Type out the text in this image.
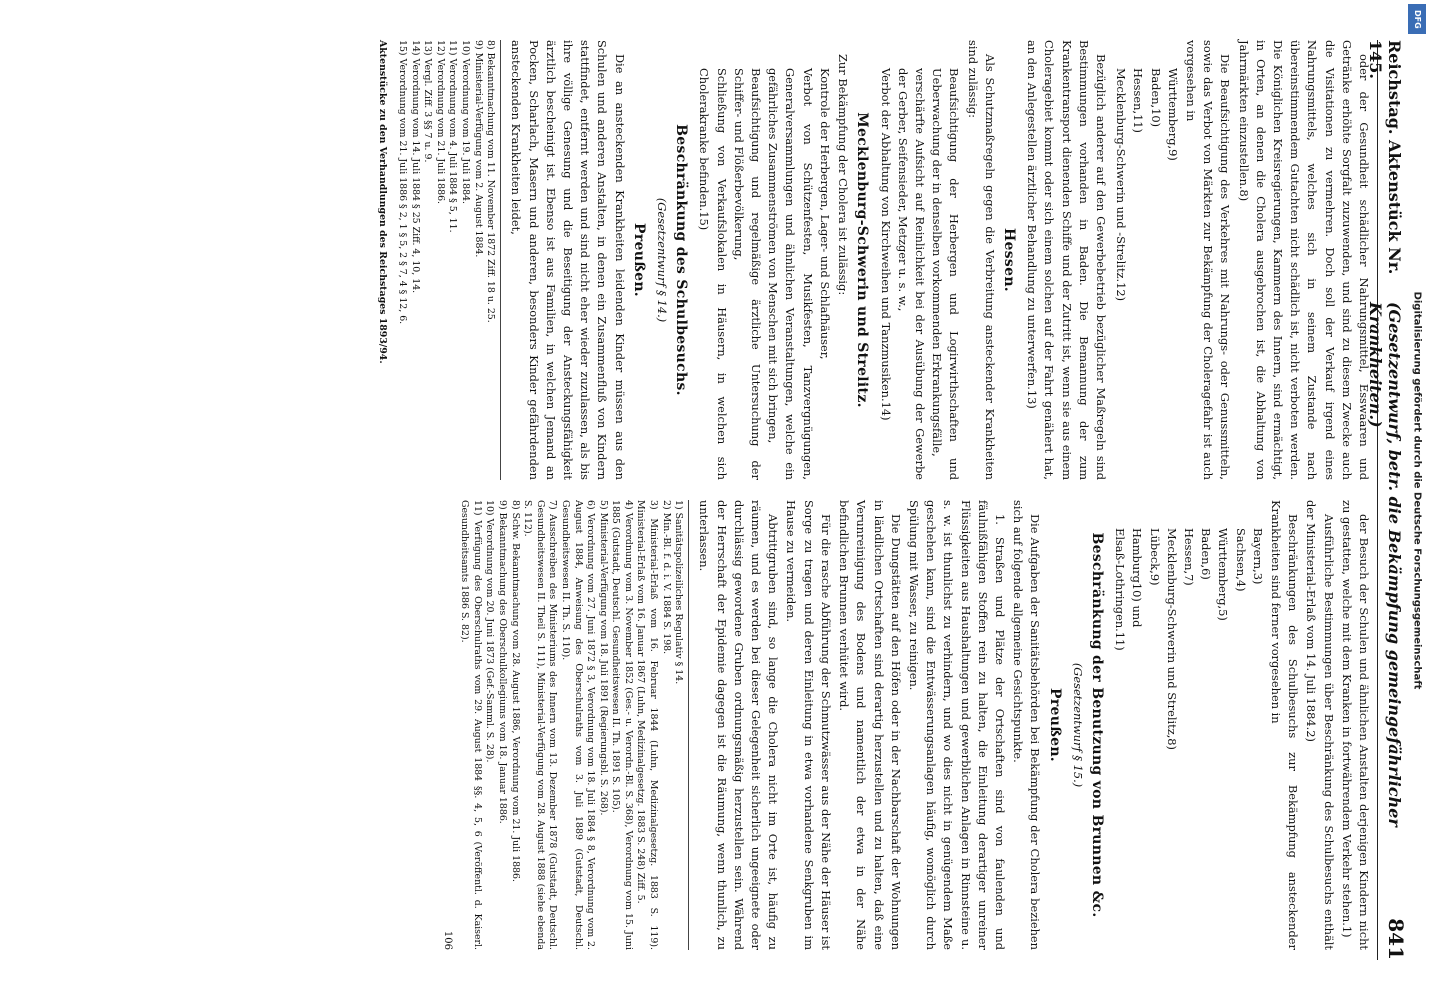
Reichstag. Aktenstück Nr. 145.
(Gesetzentwurf, betr. die Bekämpfung gemeingefährlicher Krankheiten.)
841

oder der Gesundheit schädlicher Nahrungsmittel, Esswaaren und Getränke erhöhte Sorgfalt zuzuwenden, und sind zu diesem Zwecke auch die Visitationen zu vermehren. Doch soll der Verkauf irgend eines Nahrungsmittels, welches sich in seinem Zustande nach übereinstimmendem Gutachten nicht schädlich ist, nicht verboten werden. Die Königlichen Kreisregierungen, Kammern des Innern, sind ermächtigt, in Orten, an denen die Cholera ausgebrochen ist, die Abhaltung von Jahrmärkten einzustellen.8)

Die Beaufsichtigung des Verkehres mit Nahrungs- oder Genussmitteln, sowie das Verbot von Märkten zur Bekämpfung der Choleragefahr ist auch vorgesehen in

Württemberg,9)
Baden,10)
Hessen,11)
Mecklenburg-Schwerin und -Strelitz.12)

Bezüglich anderer auf den Gewerbebetrieb bezüglicher Maßregeln sind Bestimmungen vorhanden in Baden. Die Bemannung der zum Krankentransport dienenden Schiffe und der Zutritt ist, wenn sie aus einem Choleragebiet kommt oder sich einem solchen auf der Fahrt genähert hat, an den Anlegestellen ärztlicher Behandlung zu unterwerfen.13)

Hessen.

Als Schutzmaßregeln gegen die Verbreitung ansteckender Krankheiten sind zulässig:

Beaufsichtigung der Herbergen und Logirwirthschaften und Ueberwachung der in denselben vorkommenden Erkrankungsfälle,
verschärfte Aufsicht auf Reinlichkeit bei der Ausübung der Gewerbe der Gerber, Seifensieder, Metzger u. s. w.,
Verbot der Abhaltung von Kirchweihen und Tanzmusiken.14)
Mecklenburg-Schwerin und Strelitz.

Zur Bekämpfung der Cholera ist zulässig:

Kontrole der Herbergen, Lager- und Schlafhäuser,
Verbot von Schützenfesten, Musikfesten, Tanzvergnügungen, Generalversammlungen und ähnlichen Veranstaltungen, welche ein gefährliches Zusammenströmen von Menschen mit sich bringen,
Beaufsichtigung und regelmäßige ärztliche Untersuchung der Schiffer- und Flößerbevölkerung,
Schließung von Verkaufslokalen in Häusern, in welchen sich Cholerakranke befinden.15)
Beschränkung des Schulbesuchs.
(Gesetzentwurf § 14.)
Preußen.

Die an ansteckenden Krankheiten leidenden Kinder müssen aus den Schulen und anderen Anstalten, in denen ein Zusammenfluß von Kindern stattfindet, entfernt werden und sind nicht eher wieder zuzulassen, als bis ihre völlige Genesung und die Beseitigung der Ansteckungsfähigkeit ärztlich bescheinigt ist. Ebenso ist aus Familien, in welchen Jemand an Pocken, Scharlach, Masern und anderen, besonders Kinder gefährdenden ansteckenden Krankheiten leidet,

8) Bekanntmachung vom 11. November 1872 Ziff. 18 u. 25.

9) Ministerial-Verfügung vom 2. August 1884.

10) Verordnung vom 19. Juli 1884.

11) Verordnung vom 4. Juli 1884 § 5, 11.

12) Verordnung vom 21. Juli 1886.

13) Vergl. Ziff. 3 §§ 7 u. 9.

14) Verordnung vom 14. Juli 1884 § 25 Ziff. 4, 10, 14.

15) Verordnung vom 21. Juli 1886 § 2, 1 § 5, 2 § 7, 4 § 12, 6.

Aktenstücke zu den Verhandlungen des Reichstages 1893/94.

der Besuch der Schulen und ähnlichen Anstalten derjenigen Kindern nicht zu gestatten, welche mit dem Kranken in fortwährendem Verkehr stehen.1)

Ausführliche Bestimmungen über Beschränkung des Schulbesuchs enthält der Ministerial-Erlaß vom 14. Juli 1884.2)

Beschränkungen des Schulbesuchs zur Bekämpfung ansteckender Krankheiten sind ferner vorgesehen in

Bayern,3)
Sachsen,4)
Württemberg,5)
Baden,6)
Hessen,7)
Mecklenburg-Schwerin und Strelitz,8)
Lübeck,9)
Hamburg10) und
Elsaß-Lothringen.11)
Beschränkung der Benutzung von Brunnen &c.
(Gesetzentwurf § 15.)
Preußen.

Die Aufgaben der Sanitätsbehörden bei Bekämpfung der Cholera beziehen sich auf folgende allgemeine Gesichtspunkte.

1. Straßen und Plätze der Ortschaften sind von faulenden und fäulnißfähigen Stoffen rein zu halten, die Einleitung derartiger unreiner Flüssigkeiten aus Haushaltungen und gewerblichen Anlagen in Rinnsteine u. s. w. ist thunlichst zu verhindern, und wo dies nicht in genügendem Maße geschehen kann, sind die Entwässerungsanlagen häufig, womöglich durch Spülung mit Wasser, zu reinigen.

Die Dungstätten auf den Höfen oder in der Nachbarschaft der Wohnungen in ländlichen Ortschaften sind derartig herzustellen und zu halten, daß eine Verunreinigung des Bodens und namentlich der etwa in der Nähe befindlichen Brunnen verhütet wird.

Für die rasche Abführung der Schmutzwässer aus der Nähe der Häuser ist Sorge zu tragen und deren Einleitung in etwa vorhandene Senkgruben im Hause zu vermeiden.

Abtrittgruben sind, so lange die Cholera nicht im Orte ist, häufig zu räumen, und es werden bei dieser Gelegenheit sicherlich ungeeignete oder durchlässig gewordene Gruben ordnungsmäßig herzustellen sein. Während der Herrschaft der Epidemie dagegen ist die Räumung, wenn thunlich, zu unterlassen.

1) Sanitätspolizeiliches Regulativ § 14.

2) Min.-Bl. f. d. i. V. 1884 S. 198.

3) Ministerial-Erlaß vom 16. Februar 1844 (Luhn, Medizinalgesetzg. 1883 S. 119). Ministerial-Erlaß vom 16. Januar 1867 (Luhn, Medizinalgesetzg. 1883 S. 248) Ziff. 5.

4) Verordnung vom 3. November 1852 (Ges.- u. Verordn.-Bl. S. 368), Verordnung vom 15. Juni 1885 (Gutstadt, Deutschl. Gesundheitswesen II. Th. 1891 S. 105).

5) Ministerial-Verfügung vom 18. Juli 1891 (Regierungsbl. S. 268).

6) Verordnung vom 27. Juni 1872 § 3, Verordnung vom 18. Juli 1884 § 8, Verordnung vom 2. August 1884, Anweisung des Oberschulraths vom 3. Juli 1889 (Gutstadt, Deutschl. Gesundheitswesen II. Th. S. 110).

7) Ausschreiben des Ministeriums des Innern vom 13. Dezember 1878 (Gutstadt, Deutschl. Gesundheitswesen II. Theil S. 111), Ministerial-Verfügung vom 28. August 1888 (siehe ebenda S. 112).

8) Schw. Bekanntmachung vom 28. August 1886, Verordnung vom 21. Juli 1886.

9) Bekanntmachung des Oberschulkollegiums vom 18. Januar 1886.

10) Verordnung vom 20. Juni 1873 (Gef.-Samml. S. 28).

11) Verfügung des Oberschulraths vom 29. August 1884 §§. 4, 5, 6 (Veröffentl. d. Kaiserl. Gesundheitsamts 1886 S. 82).

106
DFG
Digitalisierung gefördert durch die Deutsche Forschungsgemeinschaft
